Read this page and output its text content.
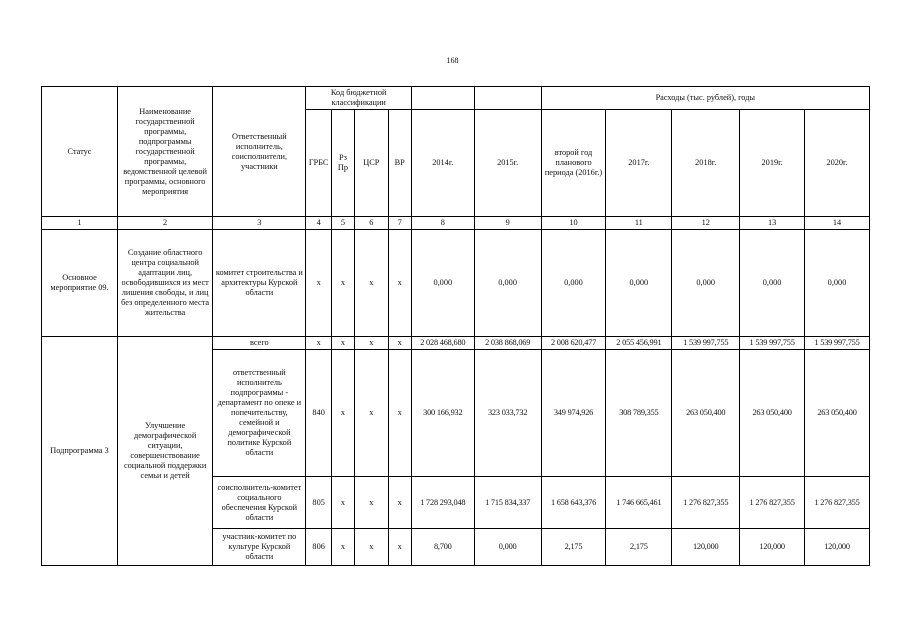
168
Статус	Наименование государственной программы, подпрограммы государственной программы, ведомственной целевой программы, основного мероприятия	Ответственный исполнитель, соисполнители, участники	Код бюджетной классификации						Расходы (тыс. рублей), годы				
			ГРБС	Рз Пр	ЦСР	ВР	2014г.	2015г.	второй год планового периода (2016г.)	2017г.	2018г.	2019г.	2020г.
1	2	3	4	5	6	7	8	9	10	11	12	13	14
Основное мероприятие 09.	Создание областного центра социальной адаптации лиц, освободившихся из мест лишения свободы, и лиц без определенного места жительства	комитет строительства и архитектуры Курской области	х	х	х	х	0,000	0,000	0,000	0,000	0,000	0,000	0,000
Подпрограмма 3	Улучшение демографической ситуации, совершенствование социальной поддержки семьи и детей	всего	х	х	х	х	2 028 468,680	2 038 868,069	2 008 620,477	2 055 456,991	1 539 997,755	1 539 997,755	1 539 997,755
		ответственный исполнитель подпрограммы - департамент по опеке и попечительству, семейной и демографической политике Курской области	840	х	х	х	300 166,932	323 033,732	349 974,926	308 789,355	263 050,400	263 050,400	263 050,400
		соисполнитель-комитет социального обеспечения Курской области	805	х	х	х	1 728 293,048	1 715 834,337	1 658 643,376	1 746 665,461	1 276 827,355	1 276 827,355	1 276 827,355
		участник-комитет по культуре Курской области	806	х	х	х	8,700	0,000	2,175	2,175	120,000	120,000	120,000
